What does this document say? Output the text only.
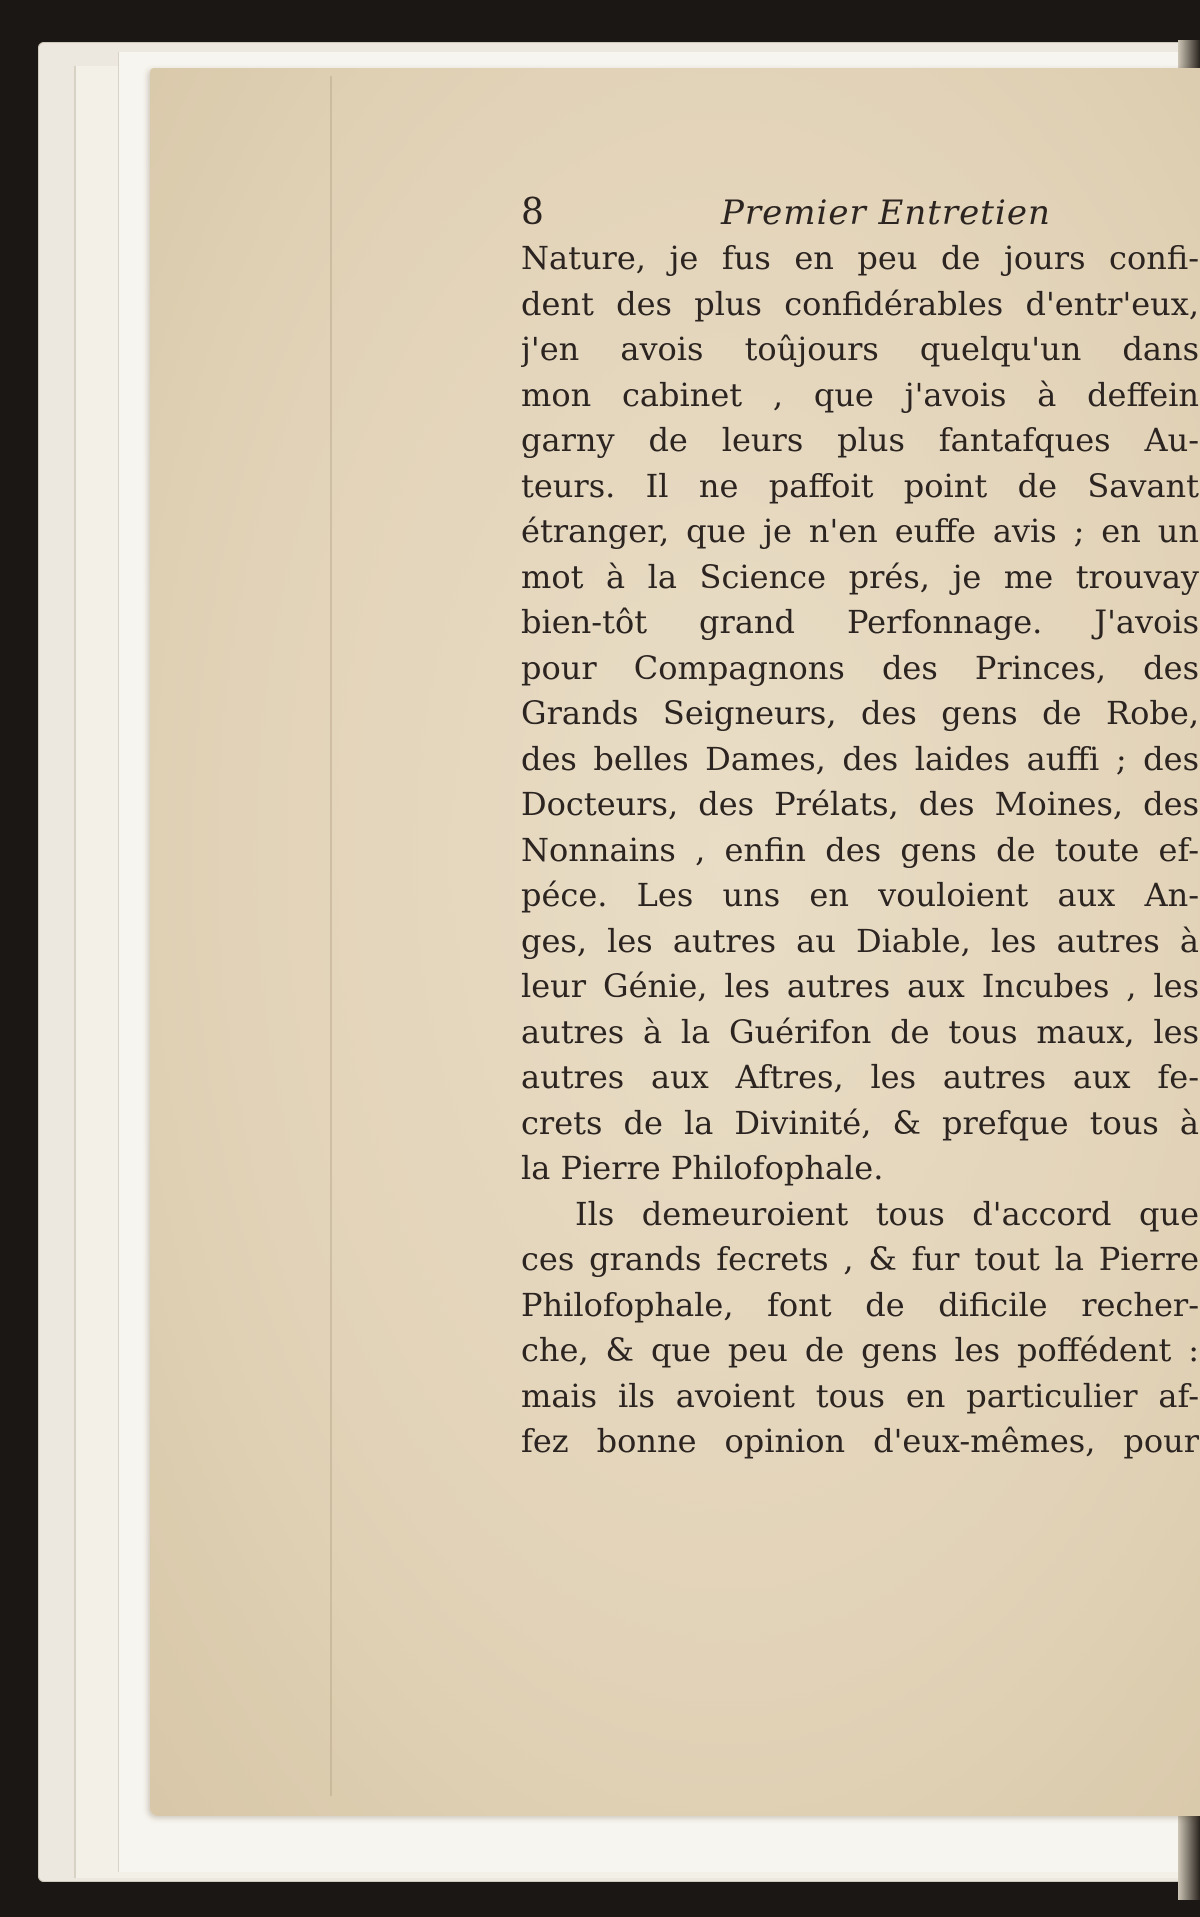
8	Premier Entretien
Nature, je fus en peu de jours confi-
dent des plus confidérables d'entr'eux,
j'en avois toûjours quelqu'un dans
mon cabinet , que j'avois à deffein
garny de leurs plus fantafques Au-
teurs. Il ne paffoit point de Savant
étranger, que je n'en euffe avis ; en un
mot à la Science prés, je me trouvay
bien-tôt grand Perfonnage. J'avois
pour Compagnons des Princes, des
Grands Seigneurs, des gens de Robe,
des belles Dames, des laides auffi ; des
Docteurs, des Prélats, des Moines, des
Nonnains , enfin des gens de toute ef-
péce. Les uns en vouloient aux An-
ges, les autres au Diable, les autres à
leur Génie, les autres aux Incubes , les
autres à la Guérifon de tous maux, les
autres aux Aftres, les autres aux fe-
crets de la Divinité, & prefque tous à
la Pierre Philofophale.
Ils demeuroient tous d'accord que
ces grands fecrets , & fur tout la Pierre
Philofophale, font de dificile recher-
che, & que peu de gens les poffédent :
mais ils avoient tous en particulier af-
fez bonne opinion d'eux-mêmes, pour
